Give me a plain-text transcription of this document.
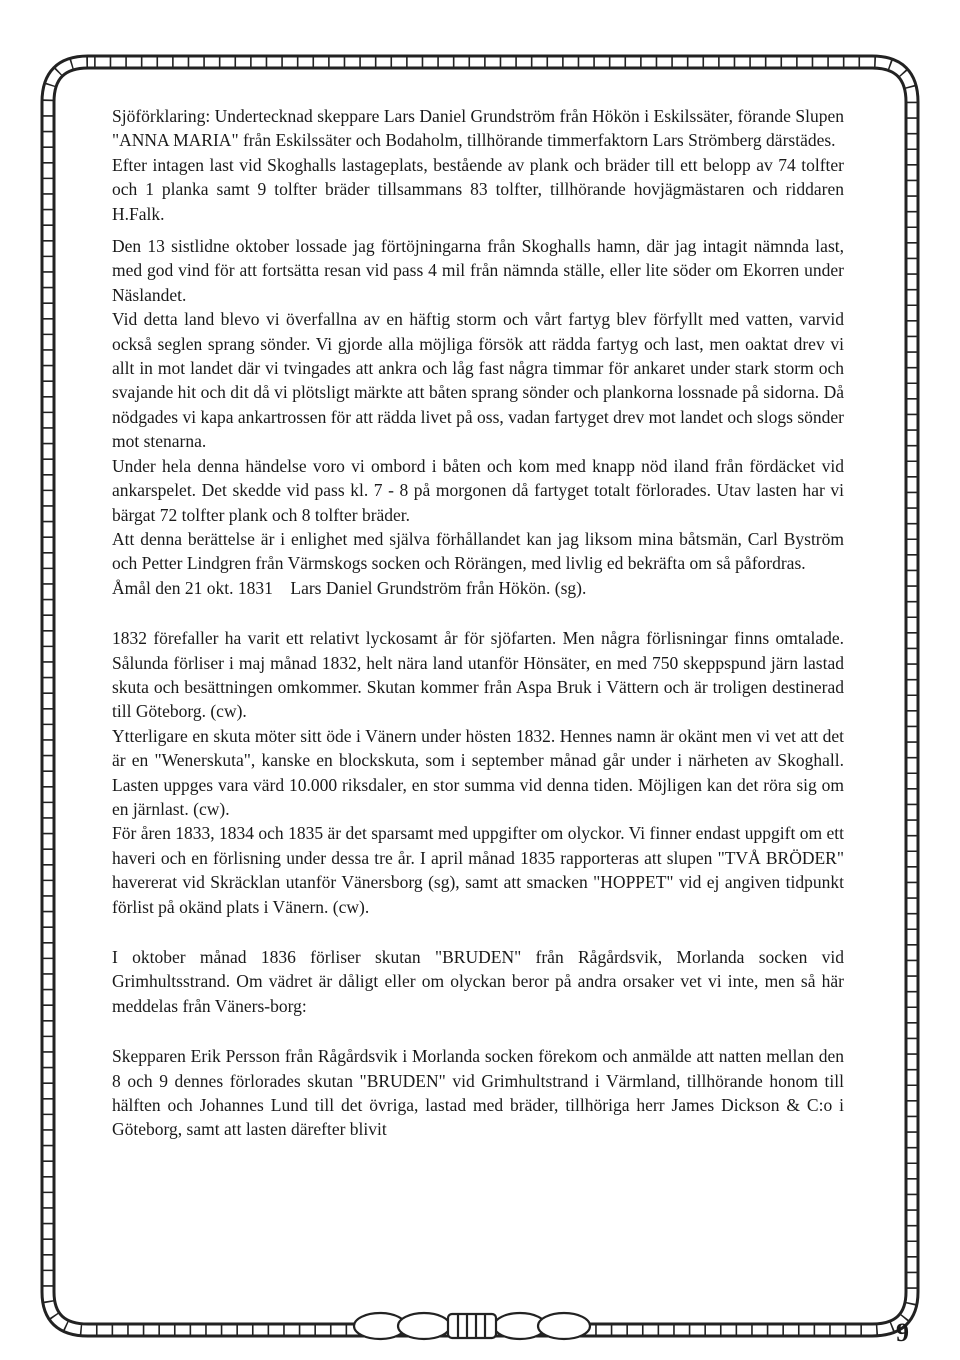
Sjöförklaring: Undertecknad skeppare Lars Daniel Grundström från Hökön i Eskilssäter, förande Slupen "ANNA MARIA" från Eskilssäter och Bodaholm, tillhörande timmerfaktorn Lars Strömberg därstädes.

Efter intagen last vid Skoghalls lastageplats, bestående av plank och bräder till ett belopp av 74 tolfter och 1 planka samt 9 tolfter bräder tillsammans 83 tolfter, tillhörande hovjägmästaren och riddaren H.Falk.

Den 13 sistlidne oktober lossade jag förtöjningarna från Skoghalls hamn, där jag intagit nämnda last, med god vind för att fortsätta resan vid pass 4 mil från nämnda ställe, eller lite söder om Ekorren under Näslandet.

Vid detta land blevo vi överfallna av en häftig storm och vårt fartyg blev förfyllt med vatten, varvid också seglen sprang sönder. Vi gjorde alla möjliga försök att rädda fartyg och last, men oaktat drev vi allt in mot landet där vi tvingades att ankra och låg fast några timmar för ankaret under stark storm och svajande hit och dit då vi plötsligt märkte att båten sprang sönder och plankorna lossnade på sidorna. Då nödgades vi kapa ankartrossen för att rädda livet på oss, vadan fartyget drev mot landet och slogs sönder mot stenarna.

Under hela denna händelse voro vi ombord i båten och kom med knapp nöd iland från fördäcket vid ankarspelet. Det skedde vid pass kl. 7 - 8 på morgonen då fartyget totalt förlorades. Utav lasten har vi bärgat 72 tolfter plank och 8 tolfter bräder.

Att denna berättelse är i enlighet med själva förhållandet kan jag liksom mina båtsmän, Carl Byström och Petter Lindgren från Värmskogs socken och Rörängen, med livlig ed bekräfta om så påfordras.

Åmål den 21 okt. 1831    Lars Daniel Grundström från Hökön. (sg).

1832 förefaller ha varit ett relativt lyckosamt år för sjöfarten. Men några förlisningar finns omtalade. Sålunda förliser i maj månad 1832, helt nära land utanför Hönsäter, en med 750 skeppspund järn lastad skuta och besättningen omkommer. Skutan kommer från Aspa Bruk i Vättern och är troligen destinerad till Göteborg. (cw).

Ytterligare en skuta möter sitt öde i Vänern under hösten 1832. Hennes namn är okänt men vi vet att det är en "Wenerskuta", kanske en blockskuta, som i september månad går under i närheten av Skoghall. Lasten uppges vara värd 10.000 riksdaler, en stor summa vid denna tiden. Möjligen kan det röra sig om en järnlast. (cw).

För åren 1833, 1834 och 1835 är det sparsamt med uppgifter om olyckor. Vi finner endast uppgift om ett haveri och en förlisning under dessa tre år. I april månad 1835 rapporteras att slupen "TVÅ BRÖDER" havererat vid Skräcklan utanför Vänersborg (sg), samt att smacken "HOPPET" vid ej angiven tidpunkt förlist på okänd plats i Vänern. (cw).

I oktober månad 1836 förliser skutan "BRUDEN" från Rågårdsvik, Morlanda socken vid Grimhultsstrand. Om vädret är dåligt eller om olyckan beror på andra orsaker vet vi inte, men så här meddelas från Väners-borg:

Skepparen Erik Persson från Rågårdsvik i Morlanda socken förekom och anmälde att natten mellan den 8 och 9 dennes förlorades skutan "BRUDEN" vid Grimhultstrand i Värmland, tillhörande honom till hälften och Johannes Lund till det övriga, lastad med bräder, tillhöriga herr James Dickson & C:o i Göteborg, samt att lasten därefter blivit

9
